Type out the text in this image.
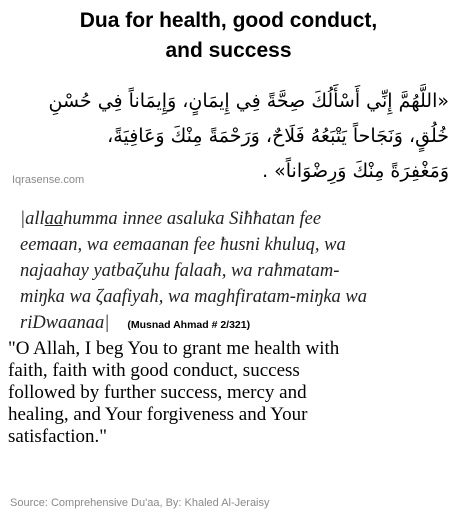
Dua for health, good conduct,
and success
«اللَّهُمَّ إِنِّي أَسْأَلُكَ صِحَّةً فِي إِيمَانٍ، وَإِيمَاناً فِي حُسْنِ
خُلُقٍ، وَنَجَاحاً يَتْبَعُهُ فَلَاحٌ، وَرَحْمَةً مِنْكَ وَعَافِيَةً،
وَمَغْفِرَةً مِنْكَ وَرِضْوَاناً» .
Iqrasense.com
|allaahumma innee asaluka Siħħatan fee
eemaan, wa eemaanan fee ħusni khuluq, wa
najaahay yatbaζuhu falaaħ, wa raħmatam-
miŋka wa ζaafiyah, wa maghfiratam-miŋka wa
riDwaanaa| (Musnad Ahmad # 2/321)
"O Allah, I beg You to grant me health with
faith, faith with good conduct, success
followed by further success, mercy and
healing, and Your forgiveness and Your
satisfaction."
Source: Comprehensive Du'aa, By: Khaled Al-Jeraisy
